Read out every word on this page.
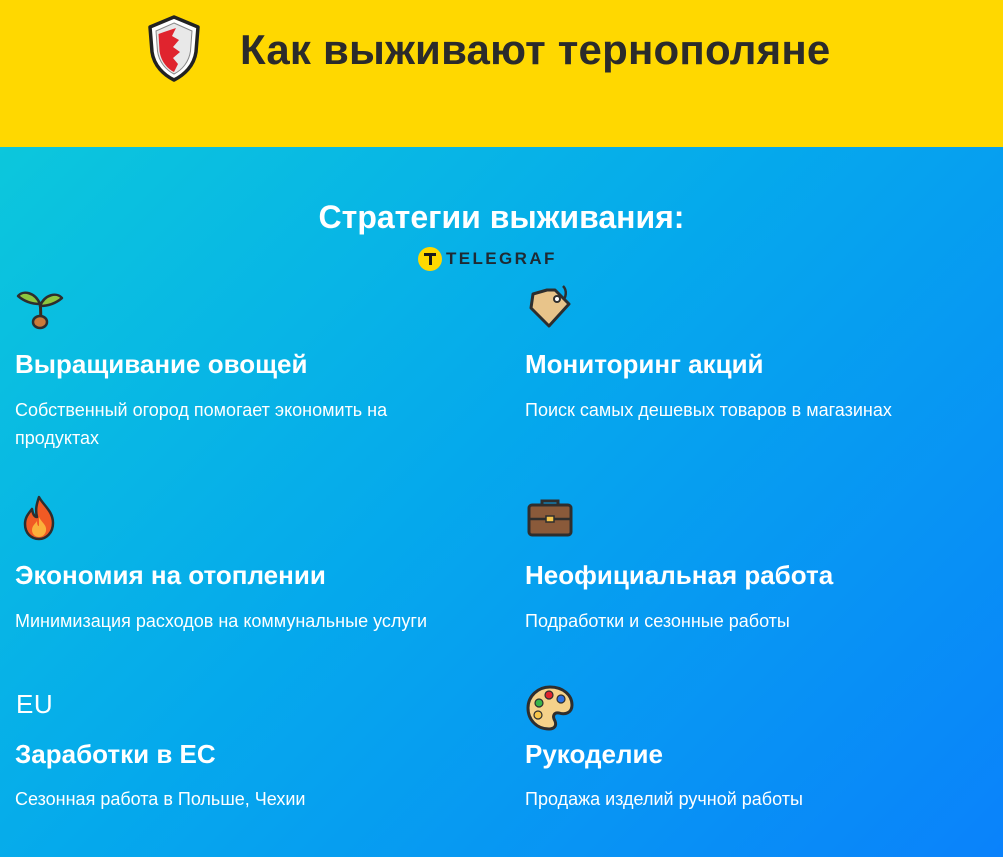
Как выживают тернополяне
Стратегии выживания:
TELEGRAF
Выращивание овощей
Собственный огород помогает экономить на продуктах
Мониторинг акций
Поиск самых дешевых товаров в магазинах
Экономия на отоплении
Минимизация расходов на коммунальные услуги
Неофициальная работа
Подработки и сезонные работы
EU
Заработки в ЕС
Сезонная работа в Польше, Чехии
Рукоделие
Продажа изделий ручной работы
